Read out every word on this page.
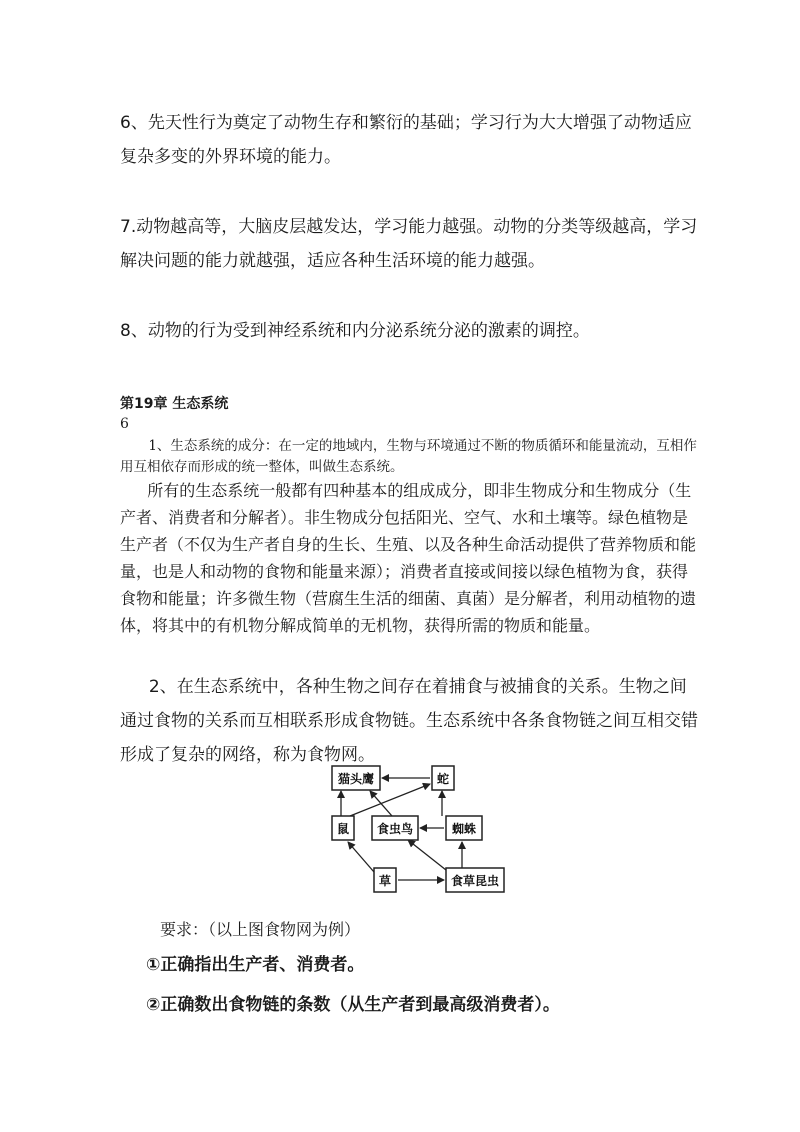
6、先天性行为奠定了动物生存和繁衍的基础；学习行为大大增强了动物适应复杂多变的外界环境的能力。

7.动物越高等，大脑皮层越发达，学习能力越强。动物的分类等级越高，学习解决问题的能力就越强，适应各种生活环境的能力越强。

8、动物的行为受到神经系统和内分泌系统分泌的激素的调控。

第19章 生态系统
6

1、生态系统的成分：在一定的地域内，生物与环境通过不断的物质循环和能量流动，互相作用互相依存而形成的统一整体，叫做生态系统。

所有的生态系统一般都有四种基本的组成成分，即非生物成分和生物成分（生产者、消费者和分解者）。非生物成分包括阳光、空气、水和土壤等。绿色植物是生产者（不仅为生产者自身的生长、生殖、以及各种生命活动提供了营养物质和能量，也是人和动物的食物和能量来源）；消费者直接或间接以绿色植物为食，获得食物和能量；许多微生物（营腐生生活的细菌、真菌）是分解者，利用动植物的遗体，将其中的有机物分解成简单的无机物，获得所需的物质和能量。

2、在生态系统中，各种生物之间存在着捕食与被捕食的关系。生物之间通过食物的关系而互相联系形成食物链。生态系统中各条食物链之间互相交错形成了复杂的网络，称为食物网。

猫头鹰	蛇
鼠 食虫鸟	蜘蛛
草	食草昆虫

要求：（以上图食物网为例）

①正确指出生产者、消费者。

②正确数出食物链的条数（从生产者到最高级消费者）。
